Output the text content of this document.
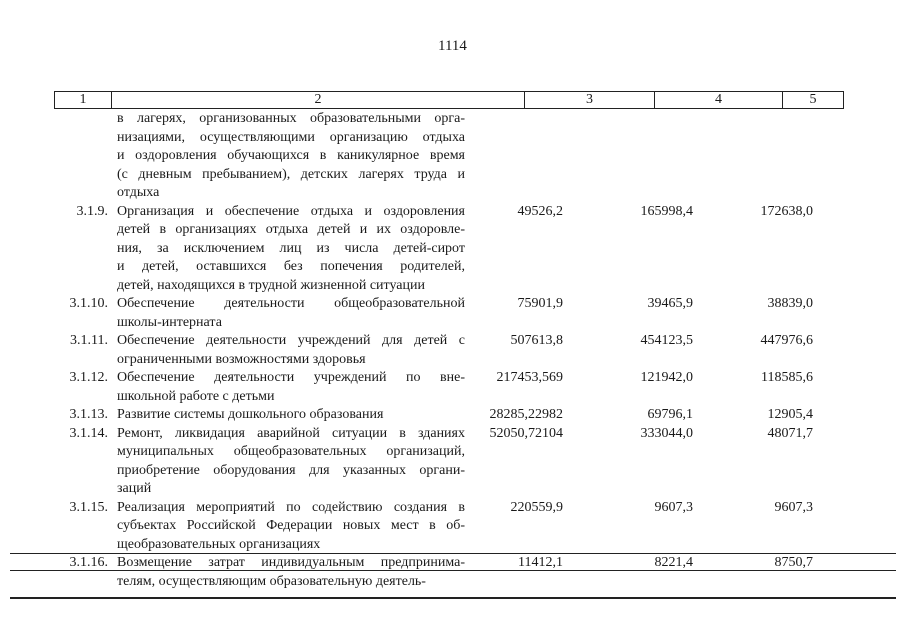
1114
1	2	3	4	5
в лагерях, организованных образовательными орга-
низациями, осуществляющими организацию отдыха
и оздоровления обучающихся в каникулярное время
(с дневным пребыванием), детских лагерях труда и
отдыха
3.1.9. Организация и обеспечение отдыха и оздоровления
детей в организациях отдыха детей и их оздоровле-
ния, за исключением лиц из числа детей-сирот
и детей, оставшихся без попечения родителей,
детей, находящихся в трудной жизненной ситуации
49526,2	165998,4	172638,0
3.1.10. Обеспечение деятельности общеобразовательной
школы-интерната
75901,9	39465,9	38839,0
3.1.11. Обеспечение деятельности учреждений для детей с
ограниченными возможностями здоровья
507613,8	454123,5	447976,6
3.1.12. Обеспечение деятельности учреждений по вне-
школьной работе с детьми
217453,569	121942,0	118585,6
3.1.13. Развитие системы дошкольного образования	28285,22982	69796,1	12905,4
3.1.14. Ремонт, ликвидация аварийной ситуации в зданиях
муниципальных общеобразовательных организаций,
приобретение оборудования для указанных органи-
заций
52050,72104	333044,0	48071,7
3.1.15. Реализация мероприятий по содействию создания в
субъектах Российской Федерации новых мест в об-
щеобразовательных организациях
220559,9	9607,3	9607,3
3.1.16. Возмещение затрат индивидуальным предпринима-
телям, осуществляющим образовательную деятель-
11412,1	8221,4	8750,7
